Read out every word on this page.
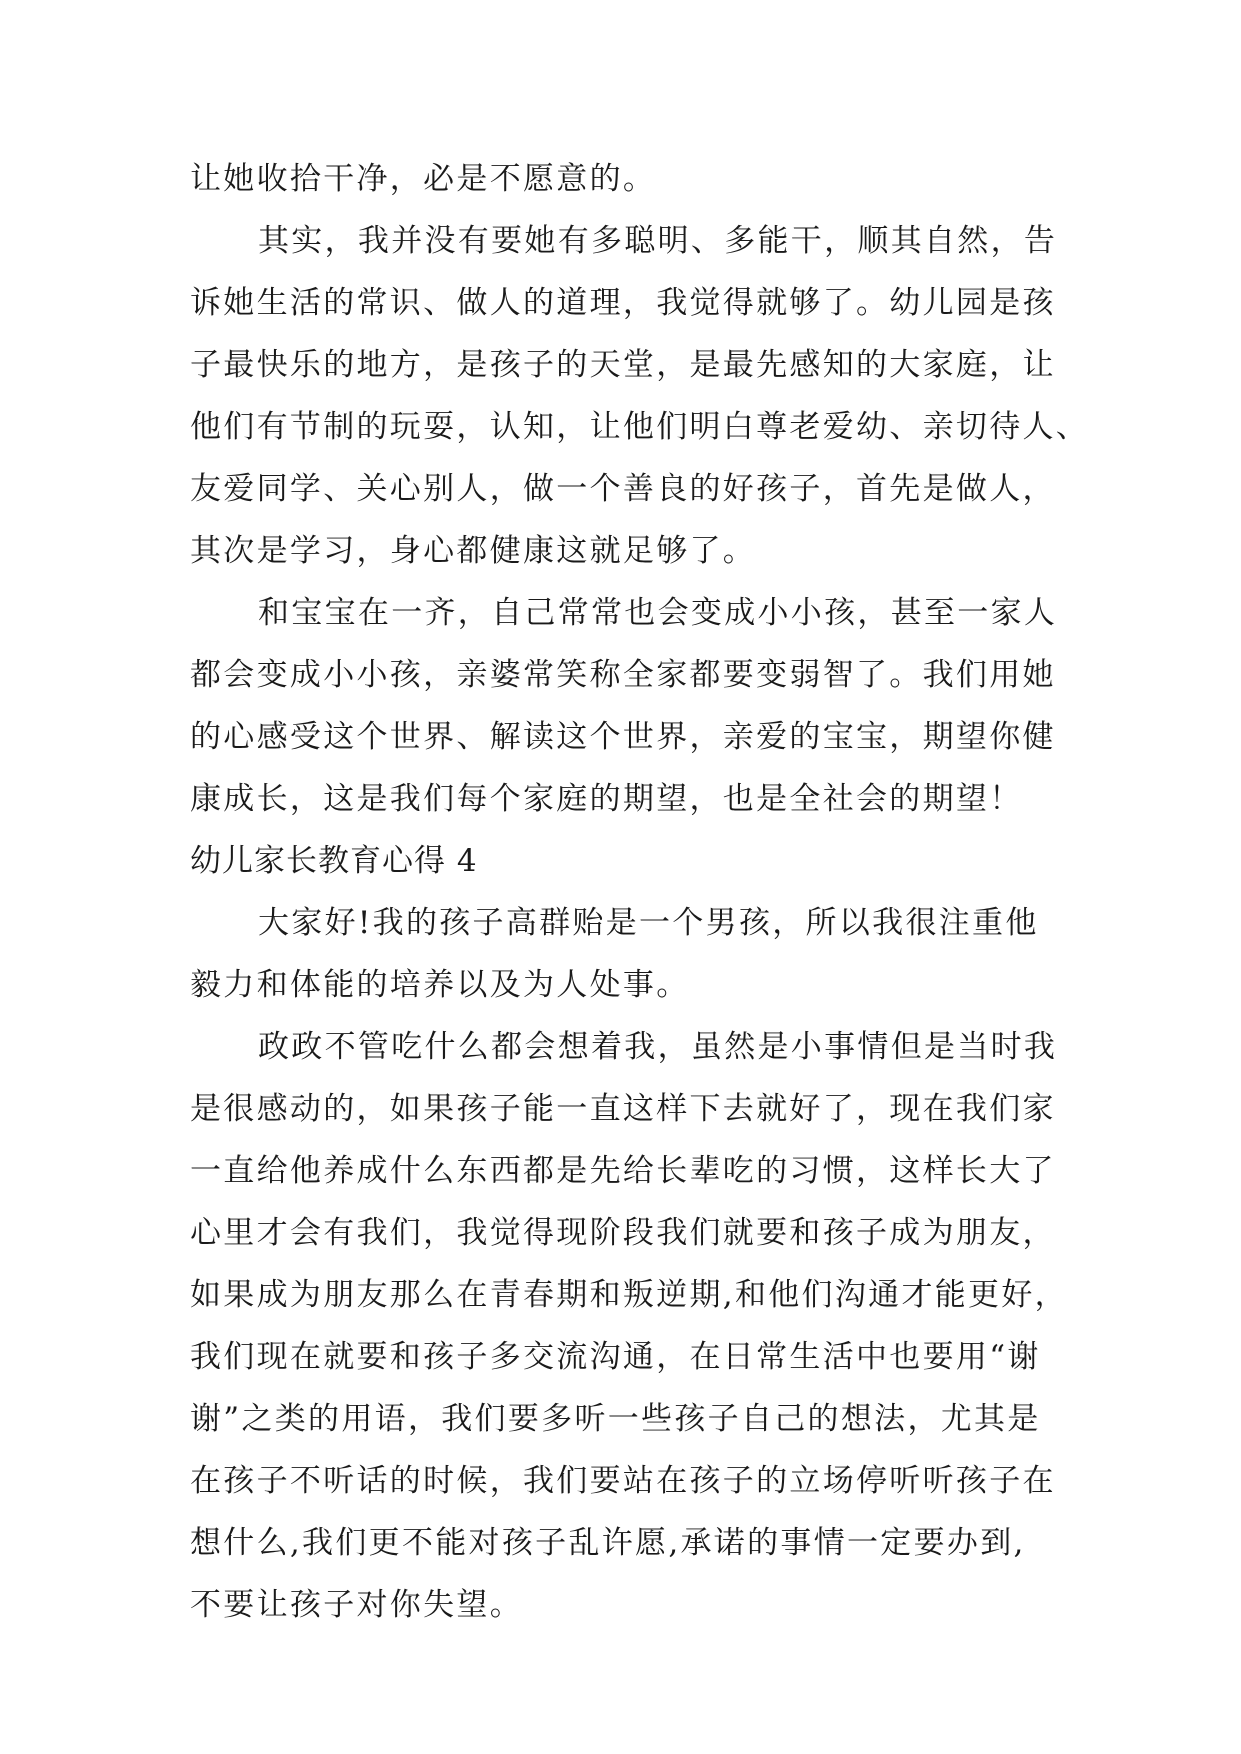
让她收拾干净，必是不愿意的。
其实，我并没有要她有多聪明、多能干，顺其自然，告
诉她生活的常识、做人的道理，我觉得就够了。幼儿园是孩
子最快乐的地方，是孩子的天堂，是最先感知的大家庭，让
他们有节制的玩耍，认知，让他们明白尊老爱幼、亲切待人、
友爱同学、关心别人，做一个善良的好孩子，首先是做人，
其次是学习，身心都健康这就足够了。
和宝宝在一齐，自己常常也会变成小小孩，甚至一家人
都会变成小小孩，亲婆常笑称全家都要变弱智了。我们用她
的心感受这个世界、解读这个世界，亲爱的宝宝，期望你健
康成长，这是我们每个家庭的期望，也是全社会的期望！
幼儿家长教育心得 4
大家好!我的孩子高群贻是一个男孩，所以我很注重他
毅力和体能的培养以及为人处事。
政政不管吃什么都会想着我，虽然是小事情但是当时我
是很感动的，如果孩子能一直这样下去就好了，现在我们家
一直给他养成什么东西都是先给长辈吃的习惯，这样长大了
心里才会有我们，我觉得现阶段我们就要和孩子成为朋友，
如果成为朋友那么在青春期和叛逆期,和他们沟通才能更好，
我们现在就要和孩子多交流沟通，在日常生活中也要用“谢
谢”之类的用语，我们要多听一些孩子自己的想法，尤其是
在孩子不听话的时候，我们要站在孩子的立场停听听孩子在
想什么,我们更不能对孩子乱许愿,承诺的事情一定要办到,
不要让孩子对你失望。
